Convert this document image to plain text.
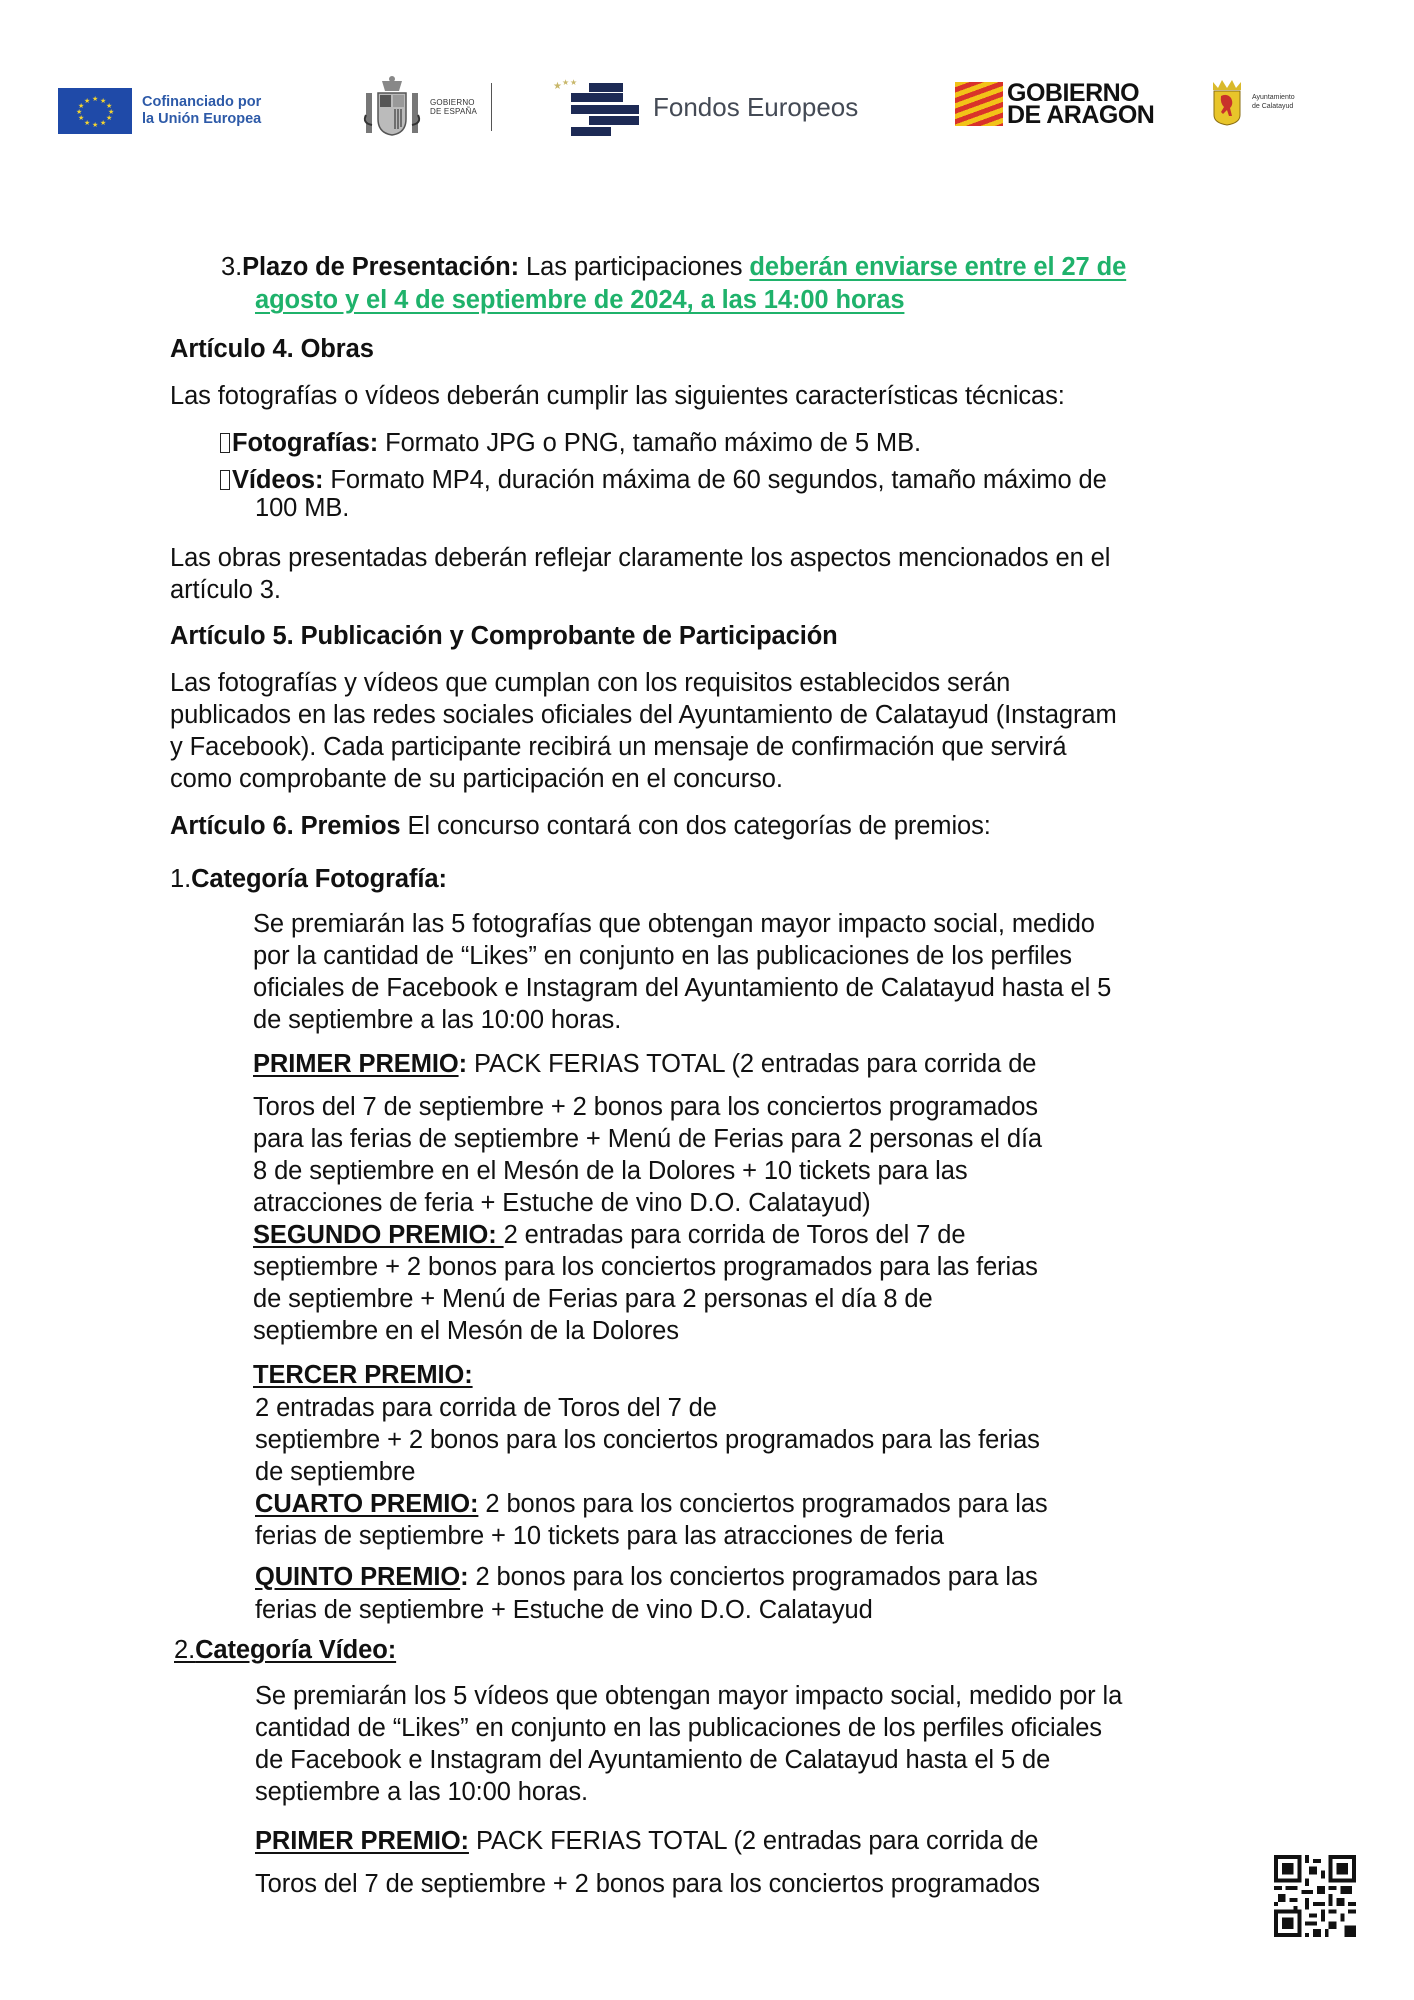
★ ★
★
★
★
★
★
★
★
★
★
★	Cofinanciado por
la Unión Europea
GOBIERNO
DE ESPAÑA
★ ★ ★
Fondos Europeos	GOBIERNO
DE ARAGON
Ayuntamiento
de Calatayud
3.Plazo de Presentación: Las participaciones deberán enviarse entre el 27 de
agosto y el 4 de septiembre de 2024, a las 14:00 horas
Artículo 4. Obras
Las fotografías o vídeos deberán cumplir las siguientes características técnicas:
Fotografías: Formato JPG o PNG, tamaño máximo de 5 MB.
Vídeos: Formato MP4, duración máxima de 60 segundos, tamaño máximo de
100 MB.
Las obras presentadas deberán reflejar claramente los aspectos mencionados en el
artículo 3.
Artículo 5. Publicación y Comprobante de Participación
Las fotografías y vídeos que cumplan con los requisitos establecidos serán
publicados en las redes sociales oficiales del Ayuntamiento de Calatayud (Instagram
y Facebook). Cada participante recibirá un mensaje de confirmación que servirá
como comprobante de su participación en el concurso.
Artículo 6. Premios El concurso contará con dos categorías de premios:
1.Categoría Fotografía:
Se premiarán las 5 fotografías que obtengan mayor impacto social, medido
por la cantidad de “Likes” en conjunto en las publicaciones de los perfiles
oficiales de Facebook e Instagram del Ayuntamiento de Calatayud hasta el 5
de septiembre a las 10:00 horas.
PRIMER PREMIO: PACK FERIAS TOTAL (2 entradas para corrida de
Toros del 7 de septiembre + 2 bonos para los conciertos programados
para las ferias de septiembre + Menú de Ferias para 2 personas el día
8 de septiembre en el Mesón de la Dolores + 10 tickets para las
atracciones de feria + Estuche de vino D.O. Calatayud)
SEGUNDO PREMIO: 2 entradas para corrida de Toros del 7 de
septiembre + 2 bonos para los conciertos programados para las ferias
de septiembre + Menú de Ferias para 2 personas el día 8 de
septiembre en el Mesón de la Dolores
TERCER PREMIO:
2 entradas para corrida de Toros del 7 de
septiembre + 2 bonos para los conciertos programados para las ferias
de septiembre
CUARTO PREMIO: 2 bonos para los conciertos programados para las
ferias de septiembre + 10 tickets para las atracciones de feria
QUINTO PREMIO: 2 bonos para los conciertos programados para las
ferias de septiembre + Estuche de vino D.O. Calatayud
2.Categoría Vídeo:
Se premiarán los 5 vídeos que obtengan mayor impacto social, medido por la
cantidad de “Likes” en conjunto en las publicaciones de los perfiles oficiales
de Facebook e Instagram del Ayuntamiento de Calatayud hasta el 5 de
septiembre a las 10:00 horas.
PRIMER PREMIO: PACK FERIAS TOTAL (2 entradas para corrida de
Toros del 7 de septiembre + 2 bonos para los conciertos programados
